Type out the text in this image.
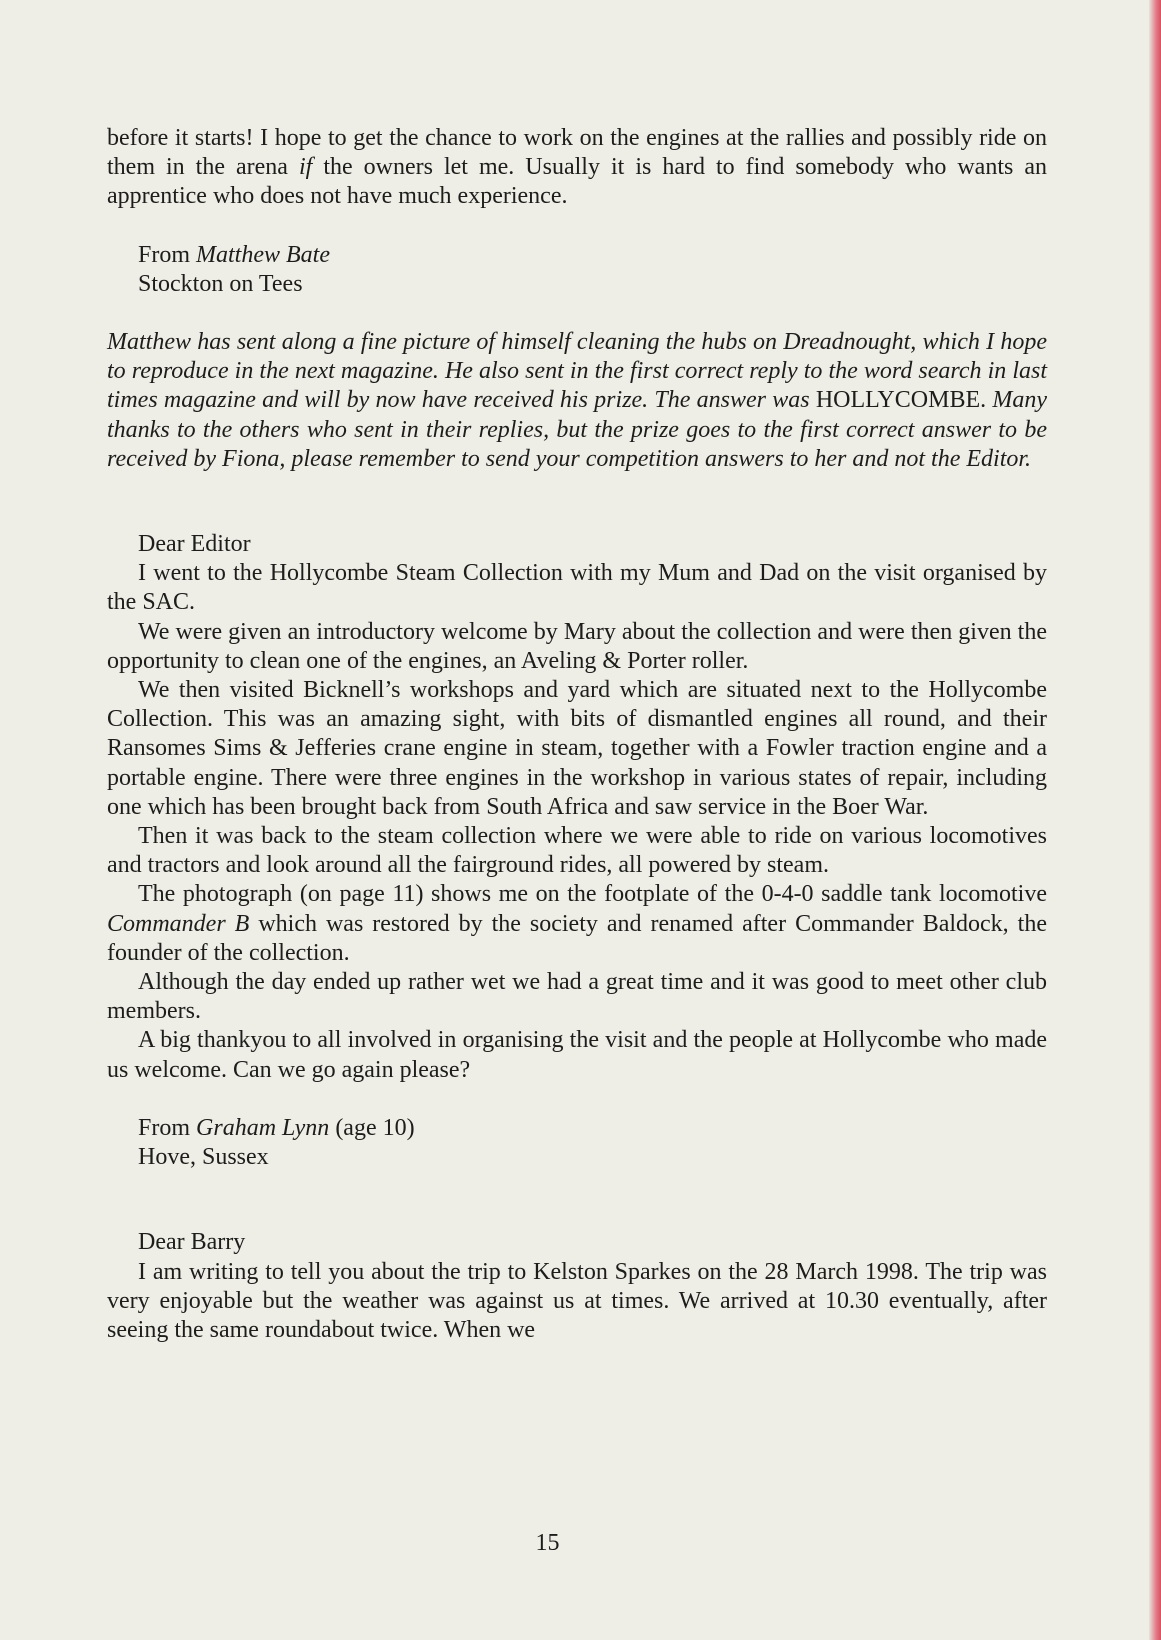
before it starts! I hope to get the chance to work on the engines at the rallies and possibly ride on them in the arena if the owners let me. Usually it is hard to find somebody who wants an apprentice who does not have much experience.

From Matthew Bate

Stockton on Tees

Matthew has sent along a fine picture of himself cleaning the hubs on Dreadnought, which I hope to reproduce in the next magazine. He also sent in the first correct reply to the word search in last times magazine and will by now have received his prize. The answer was HOLLYCOMBE. Many thanks to the others who sent in their replies, but the prize goes to the first correct answer to be received by Fiona, please remember to send your competition answers to her and not the Editor.

Dear Editor

I went to the Hollycombe Steam Collection with my Mum and Dad on the visit organised by the SAC.

We were given an introductory welcome by Mary about the collection and were then given the opportunity to clean one of the engines, an Aveling & Porter roller.

We then visited Bicknell’s workshops and yard which are situated next to the Hollycombe Collection. This was an amazing sight, with bits of dismantled engines all round, and their Ransomes Sims & Jefferies crane engine in steam, together with a Fowler traction engine and a portable engine. There were three engines in the workshop in various states of repair, including one which has been brought back from South Africa and saw service in the Boer War.

Then it was back to the steam collection where we were able to ride on various locomotives and tractors and look around all the fairground rides, all powered by steam.

The photograph (on page 11) shows me on the footplate of the 0-4-0 saddle tank locomotive Commander B which was restored by the society and renamed after Commander Baldock, the founder of the collection.

Although the day ended up rather wet we had a great time and it was good to meet other club members.

A big thankyou to all involved in organising the visit and the people at Hollycombe who made us welcome. Can we go again please?

From Graham Lynn (age 10)

Hove, Sussex

Dear Barry

I am writing to tell you about the trip to Kelston Sparkes on the 28 March 1998. The trip was very enjoyable but the weather was against us at times. We arrived at 10.30 eventually, after seeing the same roundabout twice. When we

15
